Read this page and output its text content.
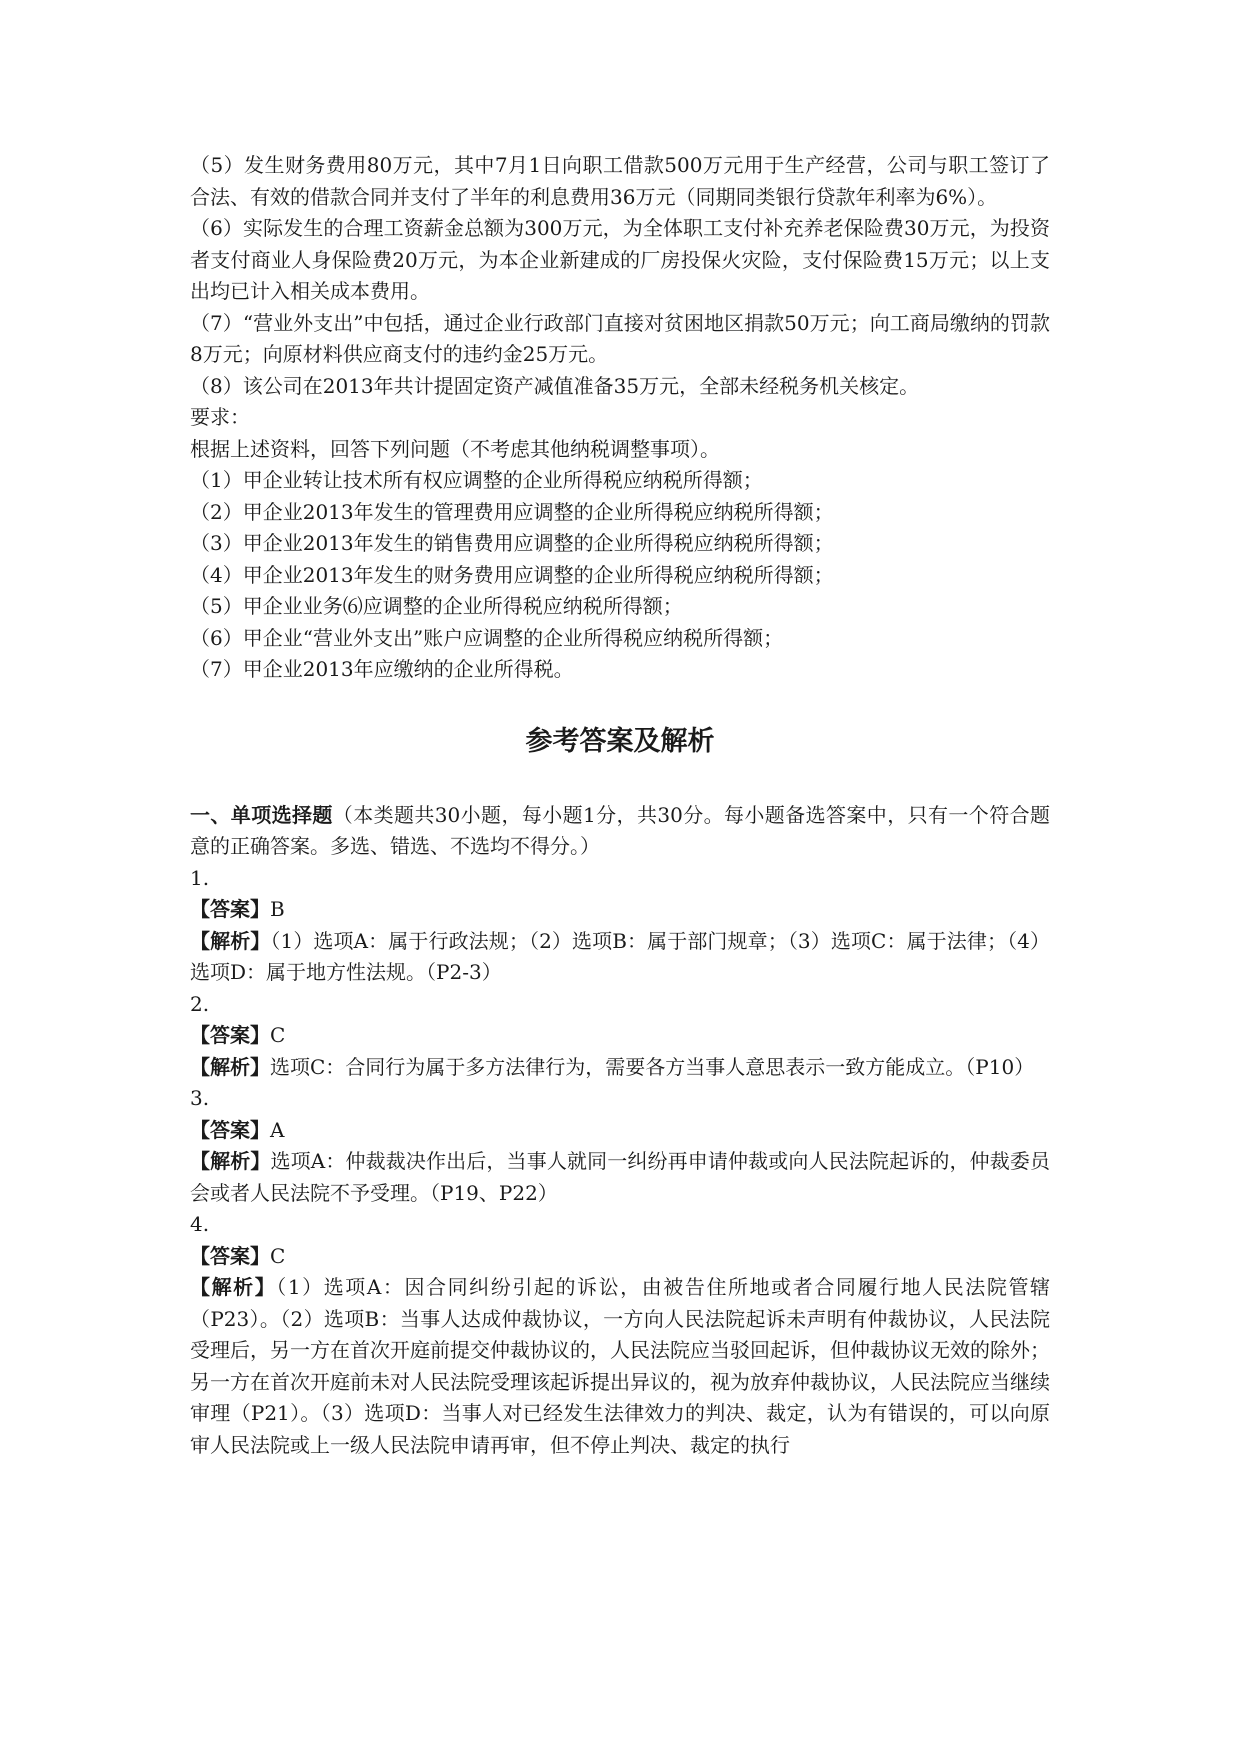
（5）发生财务费用80万元，其中7月1日向职工借款500万元用于生产经营，公司与职工签订了合法、有效的借款合同并支付了半年的利息费用36万元（同期同类银行贷款年利率为6%）。

（6）实际发生的合理工资薪金总额为300万元，为全体职工支付补充养老保险费30万元，为投资者支付商业人身保险费20万元，为本企业新建成的厂房投保火灾险，支付保险费15万元；以上支出均已计入相关成本费用。

（7）“营业外支出”中包括，通过企业行政部门直接对贫困地区捐款50万元；向工商局缴纳的罚款8万元；向原材料供应商支付的违约金25万元。

（8）该公司在2013年共计提固定资产减值准备35万元，全部未经税务机关核定。

要求：

根据上述资料，回答下列问题（不考虑其他纳税调整事项）。

（1）甲企业转让技术所有权应调整的企业所得税应纳税所得额；

（2）甲企业2013年发生的管理费用应调整的企业所得税应纳税所得额；

（3）甲企业2013年发生的销售费用应调整的企业所得税应纳税所得额；

（4）甲企业2013年发生的财务费用应调整的企业所得税应纳税所得额；

（5）甲企业业务⑹应调整的企业所得税应纳税所得额；

（6）甲企业“营业外支出”账户应调整的企业所得税应纳税所得额；

（7）甲企业2013年应缴纳的企业所得税。

参考答案及解析

一、单项选择题（本类题共30小题，每小题1分，共30分。每小题备选答案中，只有一个符合题意的正确答案。多选、错选、不选均不得分。）

1.

【答案】B

【解析】（1）选项A：属于行政法规；（2）选项B：属于部门规章；（3）选项C：属于法律；（4）选项D：属于地方性法规。（P2-3）

2.

【答案】C

【解析】选项C：合同行为属于多方法律行为，需要各方当事人意思表示一致方能成立。（P10）

3.

【答案】A

【解析】选项A：仲裁裁决作出后，当事人就同一纠纷再申请仲裁或向人民法院起诉的，仲裁委员会或者人民法院不予受理。（P19、P22）

4.

【答案】C

【解析】（1）选项A：因合同纠纷引起的诉讼，由被告住所地或者合同履行地人民法院管辖（P23）。（2）选项B：当事人达成仲裁协议，一方向人民法院起诉未声明有仲裁协议，人民法院受理后，另一方在首次开庭前提交仲裁协议的，人民法院应当驳回起诉，但仲裁协议无效的除外；另一方在首次开庭前未对人民法院受理该起诉提出异议的，视为放弃仲裁协议，人民法院应当继续审理（P21）。（3）选项D：当事人对已经发生法律效力的判决、裁定，认为有错误的，可以向原审人民法院或上一级人民法院申请再审，但不停止判决、裁定的执行
